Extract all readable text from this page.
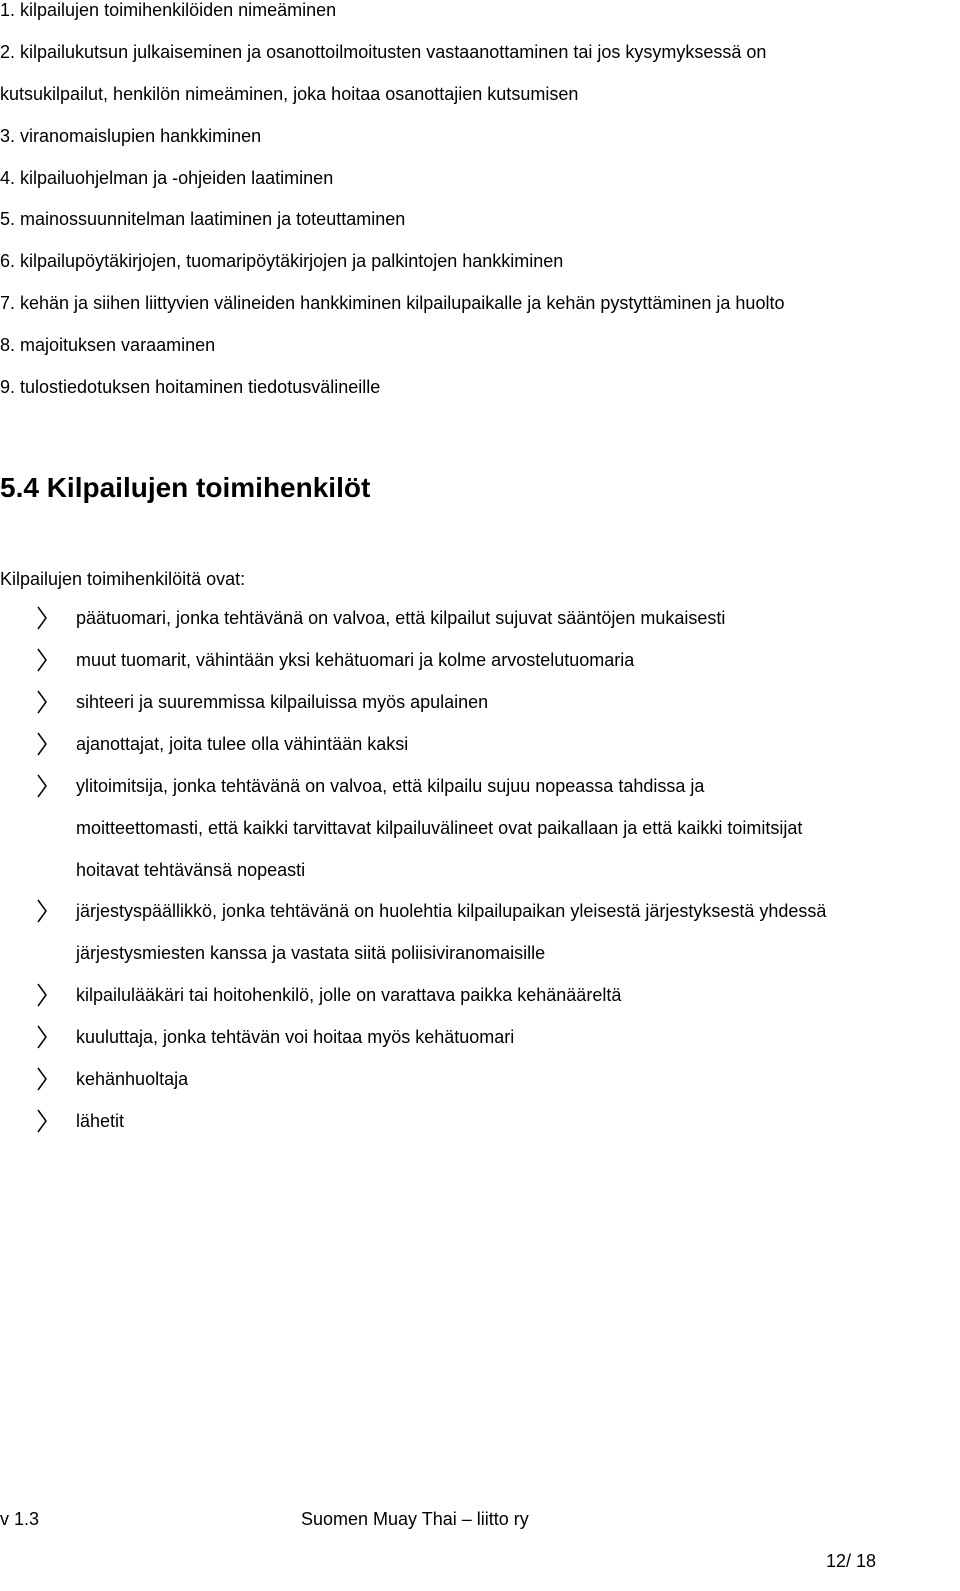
1. kilpailujen toimihenkilöiden nimeäminen
2. kilpailukutsun julkaiseminen ja osanottoilmoitusten vastaanottaminen tai jos kysymyksessä on
kutsukilpailut, henkilön nimeäminen, joka hoitaa osanottajien kutsumisen
3. viranomaislupien hankkiminen
4. kilpailuohjelman ja -ohjeiden laatiminen
5. mainossuunnitelman laatiminen ja toteuttaminen
6. kilpailupöytäkirjojen, tuomaripöytäkirjojen ja palkintojen hankkiminen
7. kehän ja siihen liittyvien välineiden hankkiminen kilpailupaikalle ja kehän pystyttäminen ja huolto
8. majoituksen varaaminen
9. tulostiedotuksen hoitaminen tiedotusvälineille
5.4 Kilpailujen toimihenkilöt
Kilpailujen toimihenkilöitä ovat:
päätuomari, jonka tehtävänä on valvoa, että kilpailut sujuvat sääntöjen mukaisesti
muut tuomarit, vähintään yksi kehätuomari ja kolme arvostelutuomaria
sihteeri ja suuremmissa kilpailuissa myös apulainen
ajanottajat, joita tulee olla vähintään kaksi
ylitoimitsija, jonka tehtävänä on valvoa, että kilpailu sujuu nopeassa tahdissa ja
moitteettomasti, että kaikki tarvittavat kilpailuvälineet ovat paikallaan ja että kaikki toimitsijat
hoitavat tehtävänsä nopeasti
järjestyspäällikkö, jonka tehtävänä on huolehtia kilpailupaikan yleisestä järjestyksestä yhdessä
järjestysmiesten kanssa ja vastata siitä poliisiviranomaisille
kilpailulääkäri tai hoitohenkilö, jolle on varattava paikka kehänääreltä
kuuluttaja, jonka tehtävän voi hoitaa myös kehätuomari
kehänhuoltaja
lähetit
v 1.3	Suomen Muay Thai – liitto ry
12/ 18
